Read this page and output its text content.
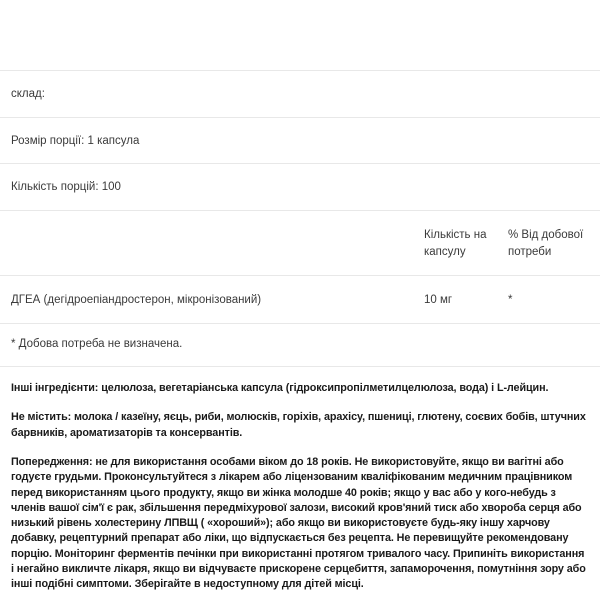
склад:
Розмір порції: 1 капсула
Кількість порцій: 100
Кількість на капсулу
% Від добової потреби
ДГЕА (дегідроепіандростерон, мікронізований)	10 мг	*
* Добова потреба не визначена.

Інші інгредієнти: целюлоза, вегетаріанська капсула (гідроксипропілметилцелюлоза, вода) і L-лейцин.

Не містить: молока / казеїну, яєць, риби, молюсків, горіхів, арахісу, пшениці, глютену, соєвих бобів, штучних барвників, ароматизаторів та консервантів.

Попередження: не для використання особами віком до 18 років. Не використовуйте, якщо ви вагітні або годуєте грудьми. Проконсультуйтеся з лікарем або ліцензованим кваліфікованим медичним працівником перед використанням цього продукту, якщо ви жінка молодше 40 років; якщо у вас або у кого-небудь з членів вашої сім'ї є рак, збільшення передміхурової залози, високий кров'яний тиск або хвороба серця або низький рівень холестерину ЛПВЩ ( «хороший»); або якщо ви використовуєте будь-яку іншу харчову добавку, рецептурний препарат або ліки, що відпускається без рецепта. Не перевищуйте рекомендовану порцію. Моніторинг ферментів печінки при використанні протягом тривалого часу. Припиніть використання і негайно викличте лікаря, якщо ви відчуваєте прискорене серцебиття, запаморочення, помутніння зору або інші подібні симптоми. Зберігайте в недоступному для дітей місці.
